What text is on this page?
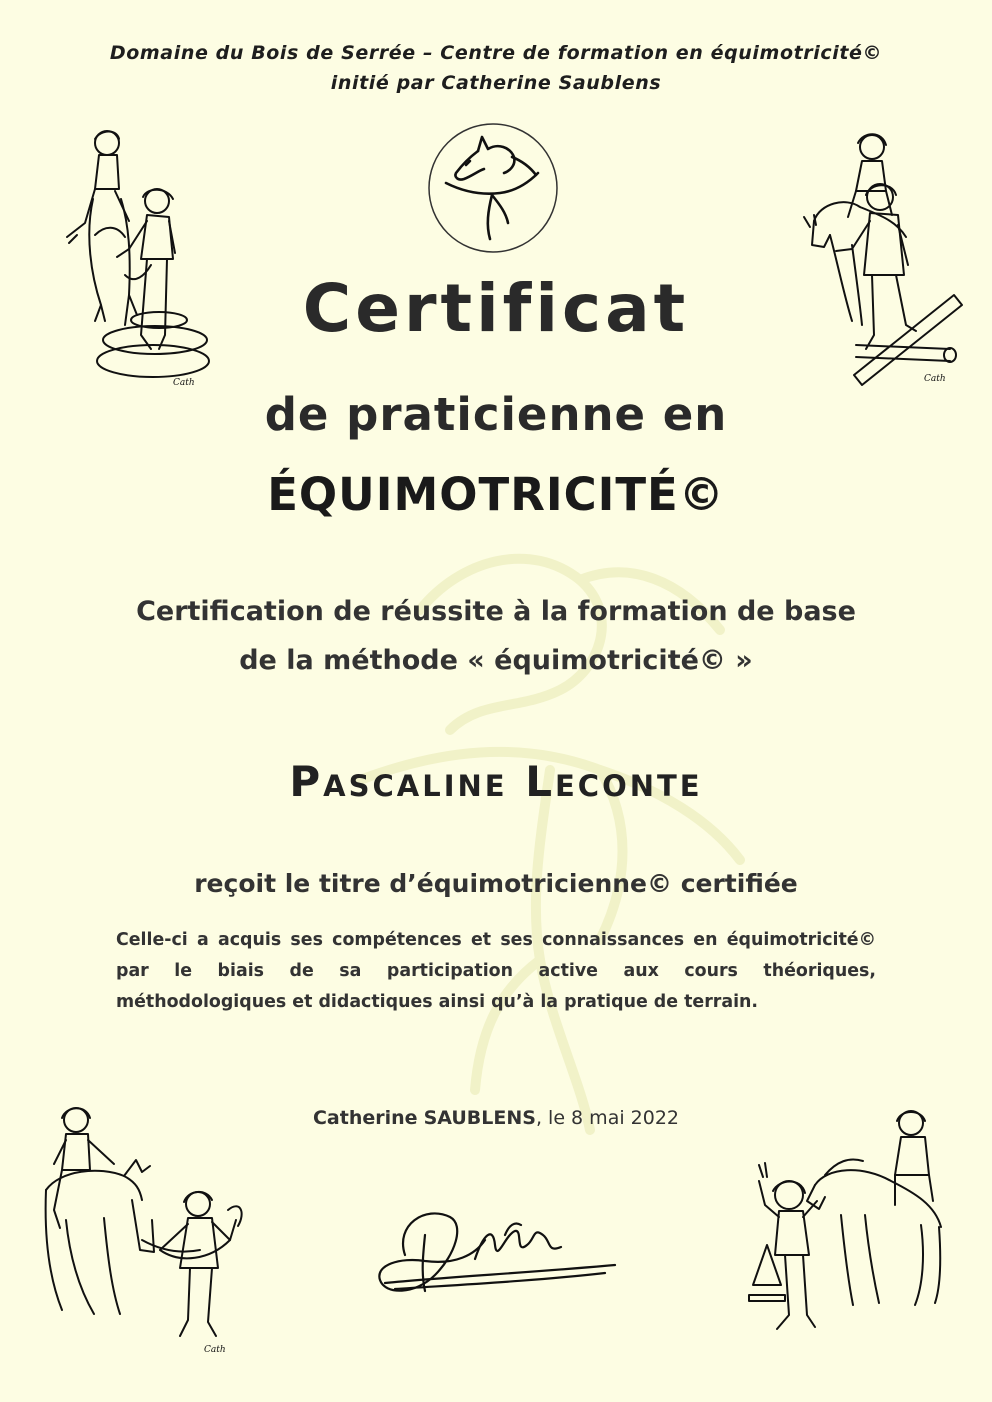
Domaine du Bois de Serrée – Centre de formation en équimotricité©
initié par Catherine Saublens
Certificat
de praticienne en
ÉQUIMOTRICITÉ©
Certification de réussite à la formation de base
de la méthode « équimotricité© »
Pascaline Leconte
reçoit le titre d’équimotricienne© certifiée
Celle-ci a acquis ses compétences et ses connaissances en équimotricité© par le biais de sa participation active aux cours théoriques, méthodologiques et didactiques ainsi qu’à la pratique de terrain.
Catherine SAUBLENS, le 8 mai 2022
Cath	Cath
Cath
